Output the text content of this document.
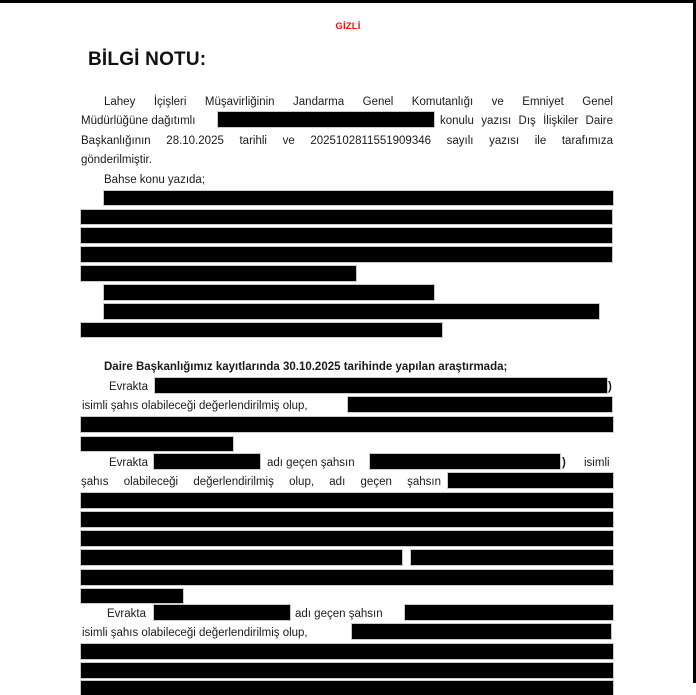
GİZLİ
BİLGİ NOTU:
Lahey İçişleri Müşavirliğinin Jandarma Genel Komutanlığı ve Emniyet Genel
Müdürlüğüne dağıtımlı	konulu yazısı Dış İlişkiler Daire
Başkanlığının 28.10.2025 tarihli ve 2025102811551909346 sayılı yazısı ile tarafımıza
gönderilmiştir.
Bahse konu yazıda;
Daire Başkanlığımız kayıtlarında 30.10.2025 tarihinde yapılan araştırmada;
Evrakta	)
isimli şahıs olabileceği değerlendirilmiş olup,
Evrakta	adı geçen şahsın	) isimli
şahıs olabileceği değerlendirilmiş olup, adı geçen şahsın
Evrakta	adı geçen şahsın
isimli şahıs olabileceği değerlendirilmiş olup,
